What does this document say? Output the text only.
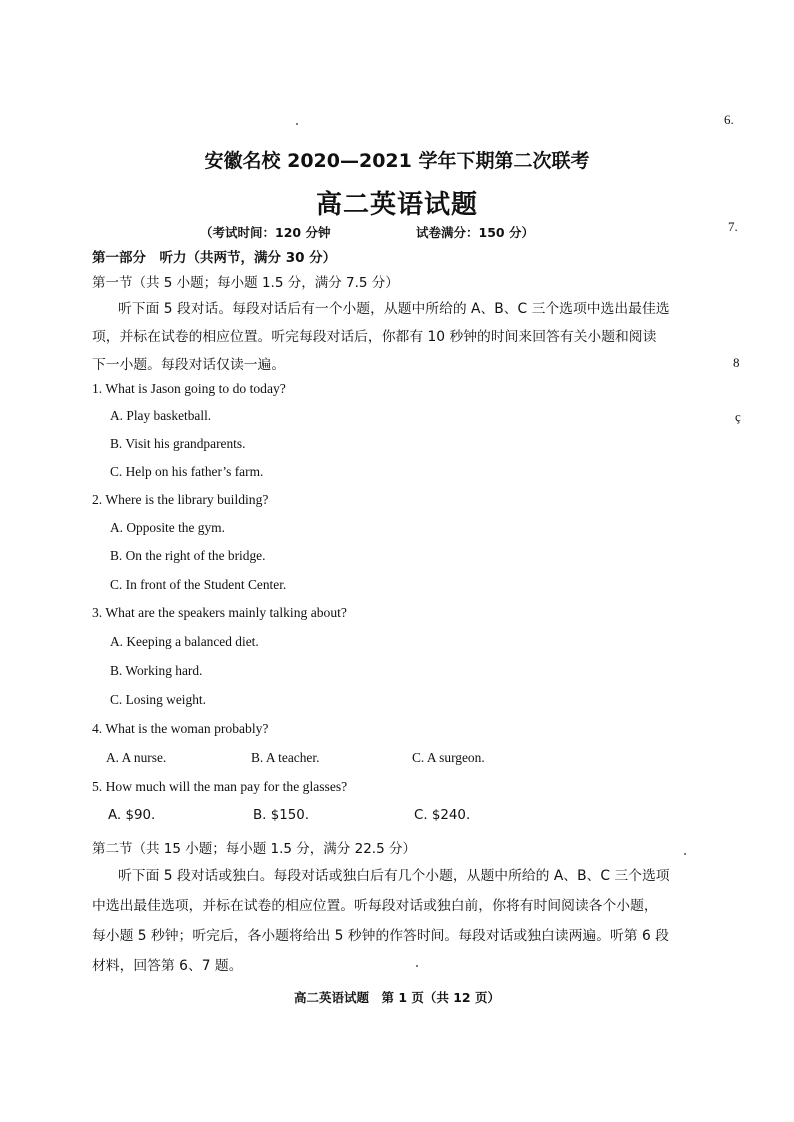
6.
7.
8
ç
安徽名校 2020—2021 学年下期第二次联考
高二英语试题
（考试时间：120 分钟	试卷满分：150 分）
第一部分　听力（共两节，满分 30 分）
第一节（共 5 小题；每小题 1.5 分，满分 7.5 分）
听下面 5 段对话。每段对话后有一个小题，从题中所给的 A、B、C 三个选项中选出最佳选
项，并标在试卷的相应位置。听完每段对话后，你都有 10 秒钟的时间来回答有关小题和阅读
下一小题。每段对话仅读一遍。
1. What is Jason going to do today?
A. Play basketball.
B. Visit his grandparents.
C. Help on his father’s farm.
2. Where is the library building?
A. Opposite the gym.
B. On the right of the bridge.
C. In front of the Student Center.
3. What are the speakers mainly talking about?
A. Keeping a balanced diet.
B. Working hard.
C. Losing weight.
4. What is the woman probably?
A. A nurse.	B. A teacher.	C. A surgeon.
5. How much will the man pay for the glasses?
A. $90.	B. $150.	C. $240.
第二节（共 15 小题；每小题 1.5 分，满分 22.5 分）
听下面 5 段对话或独白。每段对话或独白后有几个小题，从题中所给的 A、B、C 三个选项
中选出最佳选项，并标在试卷的相应位置。听每段对话或独白前，你将有时间阅读各个小题，
每小题 5 秒钟；听完后，各小题将给出 5 秒钟的作答时间。每段对话或独白读两遍。听第 6 段
材料，回答第 6、7 题。
高二英语试题　第 1 页（共 12 页）
